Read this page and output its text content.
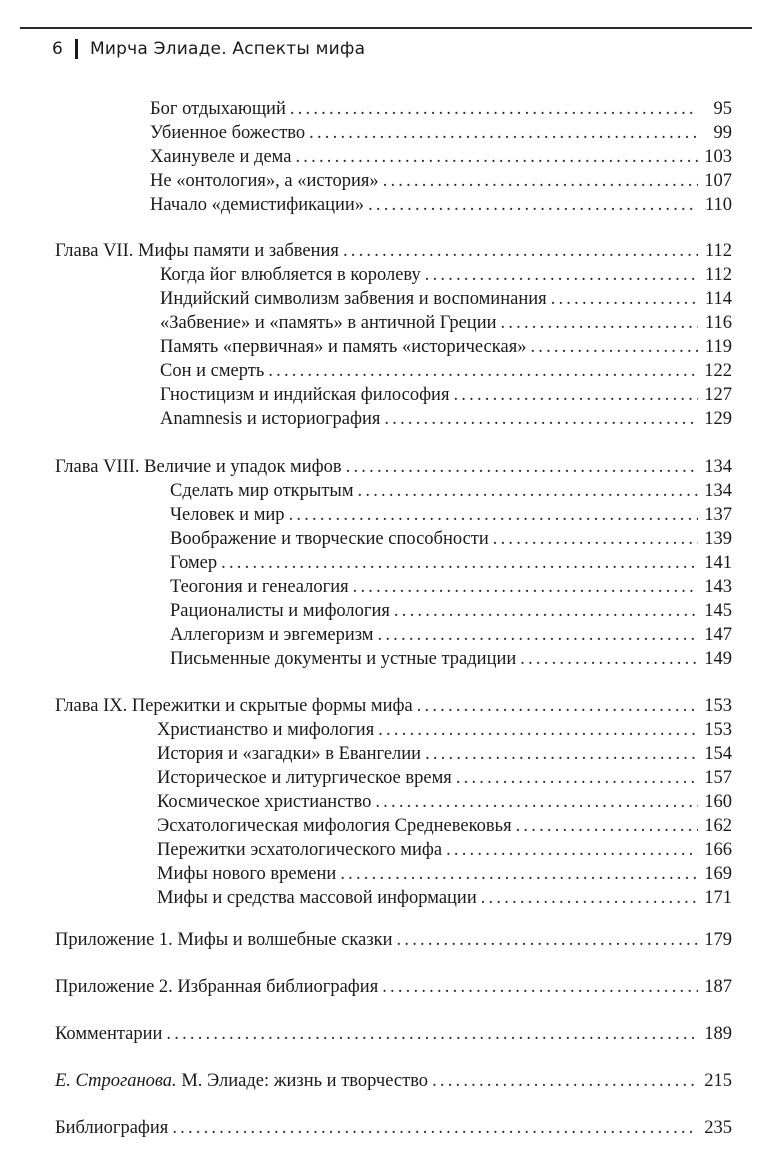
6 Мирча Элиаде. Аспекты мифа
Бог отдыхающий .....	95
Убиенное божество .....	99
Хаинувеле и дема .....	103
Не «онтология», а «история» .....	107
Начало «демистификации» .....	110
Глава VII. Мифы памяти и забвения .....	112
Когда йог влюбляется в королеву .....	112
Индийский символизм забвения и воспоминания .....	114
«Забвение» и «память» в античной Греции .....	116
Память «первичная» и память «историческая» .....	119
Сон и смерть .....	122
Гностицизм и индийская философия .....	127
Anamnesis и историография .....	129
Глава VIII. Величие и упадок мифов .....	134
Сделать мир открытым .....	134
Человек и мир .....	137
Воображение и творческие способности .....	139
Гомер .....	141
Теогония и генеалогия .....	143
Рационалисты и мифология .....	145
Аллегоризм и эвгемеризм .....	147
Письменные документы и устные традиции .....	149
Глава IX. Пережитки и скрытые формы мифа .....	153
Христианство и мифология .....	153
История и «загадки» в Евангелии .....	154
Историческое и литургическое время .....	157
Космическое христианство .....	160
Эсхатологическая мифология Средневековья .....	162
Пережитки эсхатологического мифа .....	166
Мифы нового времени .....	169
Мифы и средства массовой информации .....	171
Приложение 1. Мифы и волшебные сказки .....	179
Приложение 2. Избранная библиография .....	187
Комментарии .....	189
Е. Строганова. М. Элиаде: жизнь и творчество .....	215
Библиография .....	235
